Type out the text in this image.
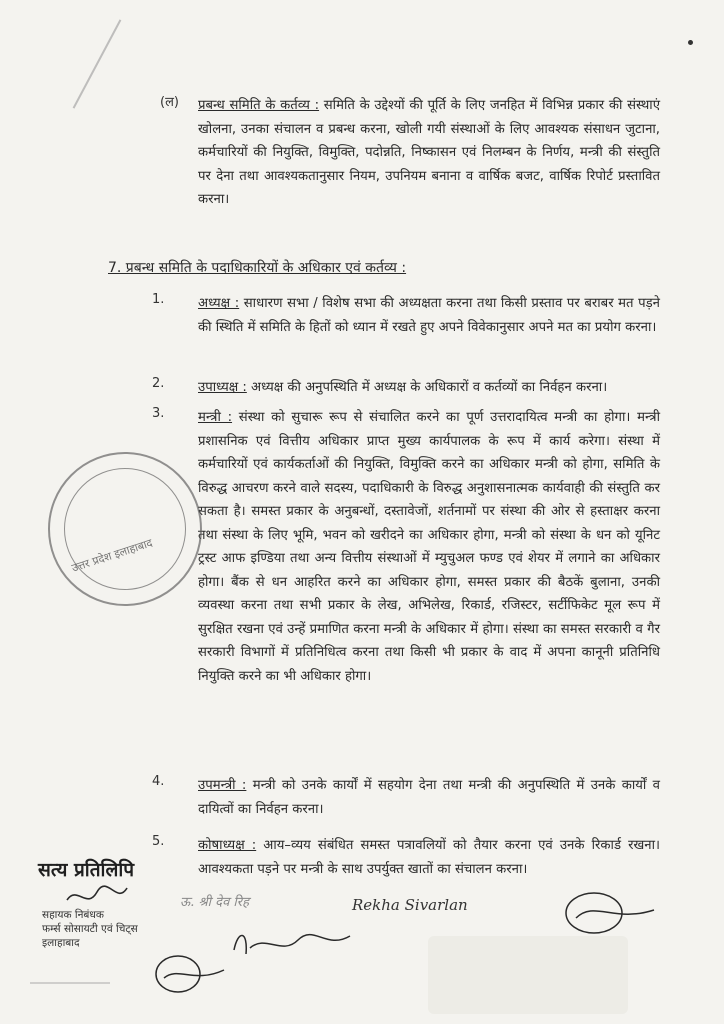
(ल) प्रबन्ध समिति के कर्तव्य : समिति के उद्देश्यों की पूर्ति के लिए जनहित में विभिन्न प्रकार की संस्थाएं खोलना, उनका संचालन व प्रबन्ध करना, खोली गयी संस्थाओं के लिए आवश्यक संसाधन जुटाना, कर्मचारियों की नियुक्ति, विमुक्ति, पदोन्नति, निष्कासन एवं निलम्बन के निर्णय, मन्त्री की संस्तुति पर देना तथा आवश्यकतानुसार नियम, उपनियम बनाना व वार्षिक बजट, वार्षिक रिपोर्ट प्रस्तावित करना।

7. प्रबन्ध समिति के पदाधिकारियों के अधिकार एवं कर्तव्य :

1.	अध्यक्ष : साधारण सभा / विशेष सभा की अध्यक्षता करना तथा किसी प्रस्ताव पर बराबर मत पड़ने की स्थिति में समिति के हितों को ध्यान में रखते हुए अपने विवेकानुसार अपने मत का प्रयोग करना।

2.	उपाध्यक्ष : अध्यक्ष की अनुपस्थिति में अध्यक्ष के अधिकारों व कर्तव्यों का निर्वहन करना।

3.	मन्त्री : संस्था को सुचारू रूप से संचालित करने का पूर्ण उत्तरादायित्व मन्त्री का होगा। मन्त्री प्रशासनिक एवं वित्तीय अधिकार प्राप्त मुख्य कार्यपालक के रूप में कार्य करेगा। संस्था में कर्मचारियों एवं कार्यकर्ताओं की नियुक्ति, विमुक्ति करने का अधिकार मन्त्री को होगा, समिति के विरुद्ध आचरण करने वाले सदस्य, पदाधिकारी के विरुद्ध अनुशासनात्मक कार्यवाही की संस्तुति कर सकता है। समस्त प्रकार के अनुबन्धों, दस्तावेजों, शर्तनामों पर संस्था की ओर से हस्ताक्षर करना तथा संस्था के लिए भूमि, भवन को खरीदने का अधिकार होगा, मन्त्री को संस्था के धन को यूनिट ट्रस्ट आफ इण्डिया तथा अन्य वित्तीय संस्थाओं में म्युचुअल फण्ड एवं शेयर में लगाने का अधिकार होगा। बैंक से धन आहरित करने का अधिकार होगा, समस्त प्रकार की बैठकें बुलाना, उनकी व्यवस्था करना तथा सभी प्रकार के लेख, अभिलेख, रिकार्ड, रजिस्टर, सर्टीफिकेट मूल रूप में सुरक्षित रखना एवं उन्हें प्रमाणित करना मन्त्री के अधिकार में होगा। संस्था का समस्त सरकारी व गैर सरकारी विभागों में प्रतिनिधित्व करना तथा किसी भी प्रकार के वाद में अपना कानूनी प्रतिनिधि नियुक्ति करने का भी अधिकार होगा।

उत्तर प्रदेश इलाहाबाद
4.	उपमन्त्री : मन्त्री को उनके कार्यों में सहयोग देना तथा मन्त्री की अनुपस्थिति में उनके कार्यों व दायित्वों का निर्वहन करना।

5.	कोषाध्यक्ष : आय–व्यय संबंधित समस्त पत्रावलियों को तैयार करना एवं उनके रिकार्ड रखना। आवश्यकता पड़ने पर मन्त्री के साथ उपर्युक्त खातों का संचालन करना।

सत्य प्रतिलिपि
सहायक निबंधक
फर्म्स सोसायटी एवं चिट्स
इलाहाबाद
ऊ. श्री देव रिह	Rekha Sivarlan
